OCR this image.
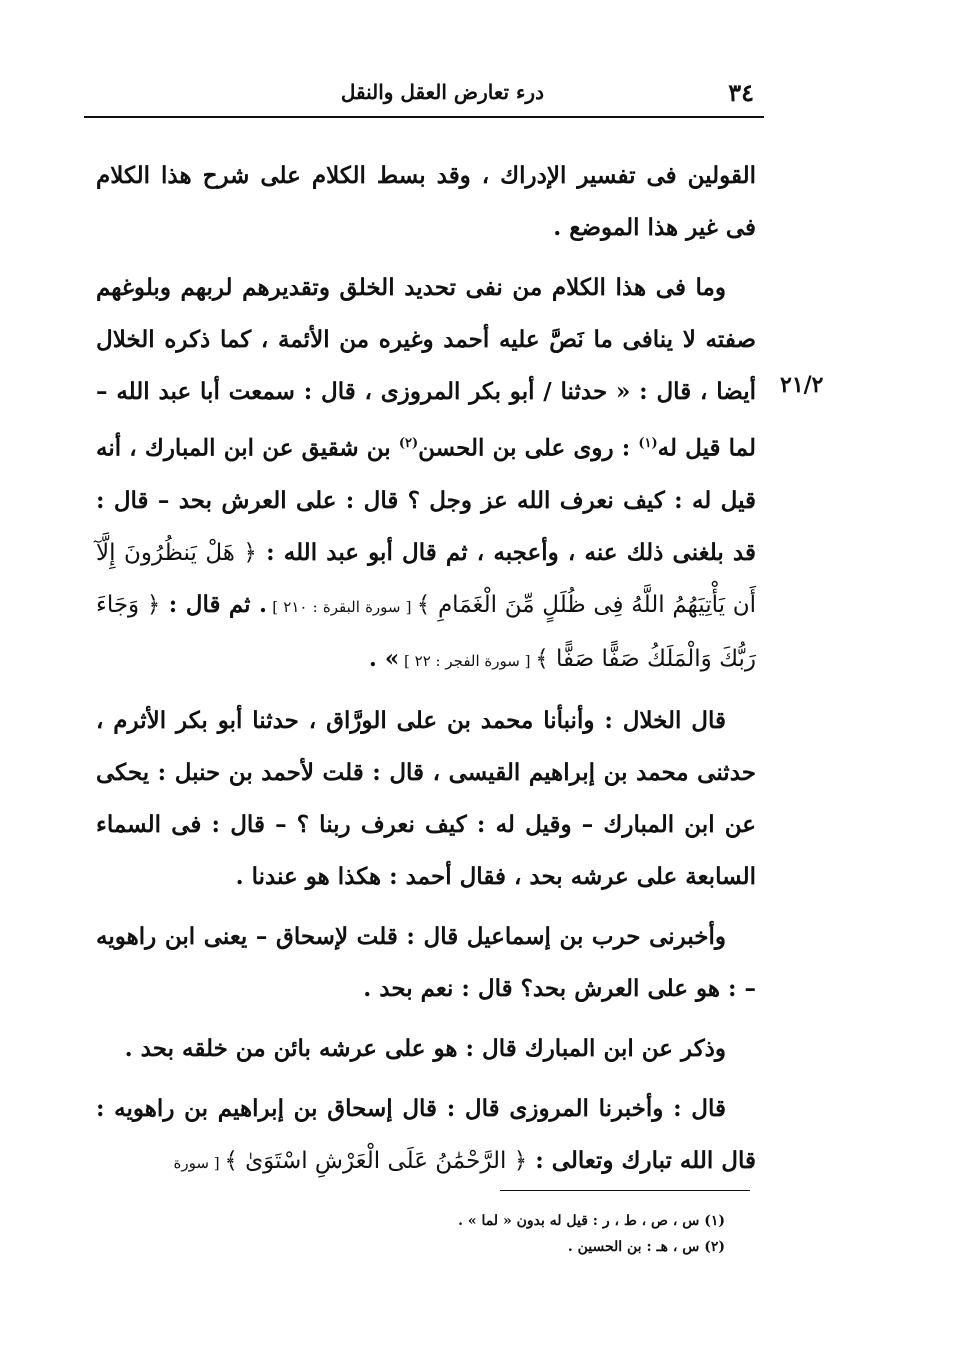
٣٤
درء تعارض العقل والنقل
٢١/٢

القولين فى تفسير الإدراك ، وقد بسط الكلام على شرح هذا الكلام فى غير هذا الموضع .

وما فى هذا الكلام من نفى تحديد الخلق وتقديرهم لربهم وبلوغهم صفته لا ينافى ما نَصَّ عليه أحمد وغيره من الأئمة ، كما ذكره الخلال أيضا ، قال : « حدثنا / أبو بكر المروزى ، قال : سمعت أبا عبد الله – لما قيل له$^{(١)}$ : روى على بن الحسن$^{(٢)}$ بن شقيق عن ابن المبارك ، أنه قيل له : كيف نعرف الله عز وجل ؟ قال : على العرش بحد – قال : قد بلغنى ذلك عنه ، وأعجبه ، ثم قال أبو عبد الله : ﴿ هَلْ يَنظُرُونَ إِلَّآ أَن يَأْتِيَهُمُ اللَّهُ فِى ظُلَلٍ مِّنَ الْغَمَامِ ﴾ [ سورة البقرة : ٢١٠ ] . ثم قال : ﴿ وَجَاءَ رَبُّكَ وَالْمَلَكُ صَفًّا صَفًّا ﴾ [ سورة الفجر : ٢٢ ] » .

قال الخلال : وأنبأنا محمد بن على الورَّاق ، حدثنا أبو بكر الأثرم ، حدثنى محمد بن إبراهيم القيسى ، قال : قلت لأحمد بن حنبل : يحكى عن ابن المبارك – وقيل له : كيف نعرف ربنا ؟ – قال : فى السماء السابعة على عرشه بحد ، فقال أحمد : هكذا هو عندنا .

وأخبرنى حرب بن إسماعيل قال : قلت لإسحاق – يعنى ابن راهويه – : هو على العرش بحد؟ قال : نعم بحد .

وذكر عن ابن المبارك قال : هو على عرشه بائن من خلقه بحد .

قال : وأخبرنا المروزى قال : قال إسحاق بن إبراهيم بن راهويه : قال الله تبارك وتعالى : ﴿ الرَّحْمَٰنُ عَلَى الْعَرْشِ اسْتَوَىٰ ﴾ [ سورة

(١) س ، ص ، ط ، ر : قيل له بدون « لما » .
(٢) س ، هـ : بن الحسين .
